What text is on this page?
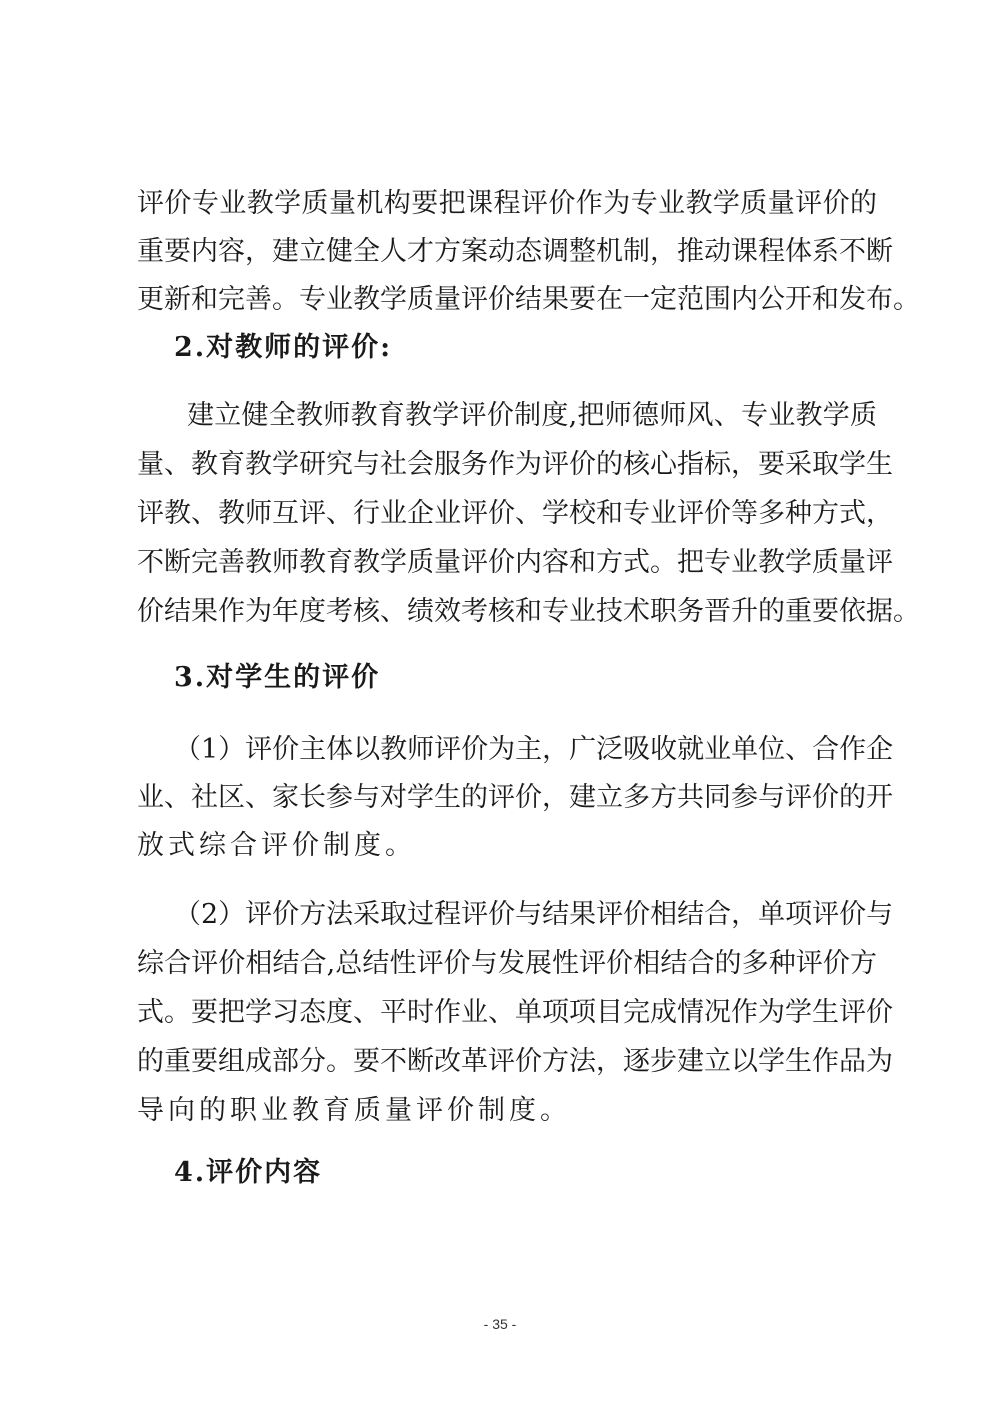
评价专业教学质量机构要把课程评价作为专业教学质量评价的
重要内容，建立健全人才方案动态调整机制，推动课程体系不断
更新和完善。专业教学质量评价结果要在一定范围内公开和发布。
2.对教师的评价:
建立健全教师教育教学评价制度,把师德师风、专业教学质
量、教育教学研究与社会服务作为评价的核心指标，要采取学生
评教、教师互评、行业企业评价、学校和专业评价等多种方式，
不断完善教师教育教学质量评价内容和方式。把专业教学质量评
价结果作为年度考核、绩效考核和专业技术职务晋升的重要依据。
3.对学生的评价
（1）评价主体以教师评价为主，广泛吸收就业单位、合作企
业、社区、家长参与对学生的评价，建立多方共同参与评价的开
放式综合评价制度。
（2）评价方法采取过程评价与结果评价相结合，单项评价与
综合评价相结合,总结性评价与发展性评价相结合的多种评价方
式。要把学习态度、平时作业、单项项目完成情况作为学生评价
的重要组成部分。要不断改革评价方法，逐步建立以学生作品为
导向的职业教育质量评价制度。
4.评价内容
- 35 -
